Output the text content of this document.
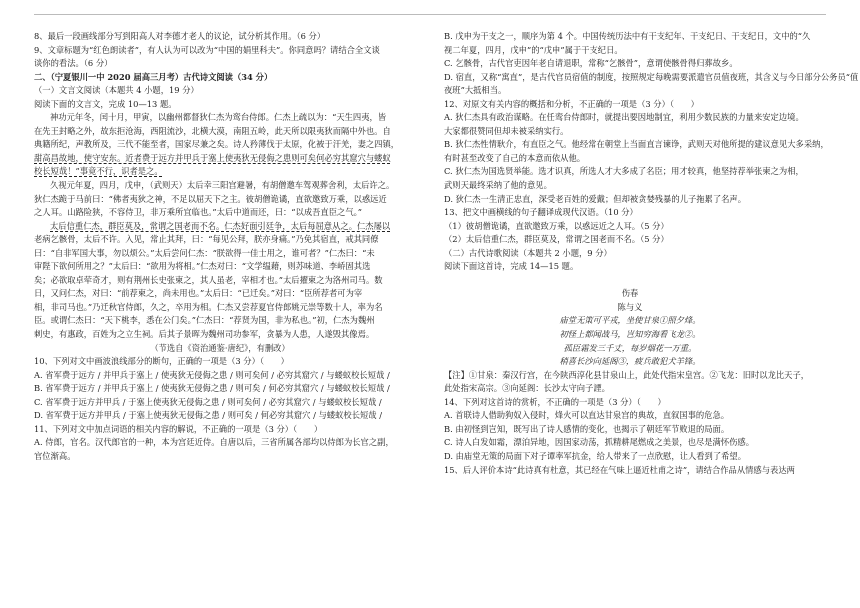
8、最后一段画线部分写到阳高人对李德才老人的议论，试分析其作用。（6 分）
9、文章标题为“红色朗读者”，有人认为可以改为“中国的娟里科夫”。你同意吗？请结合全文谈
谈你的看法。（6 分）
二、（宁夏银川一中 2020 届高三月考）古代诗文阅读（34 分）
（一）文言文阅读（本题共 4 小题，19 分）
阅读下面的文言文，完成 10—13 题。
神功元年冬，闰十月，甲寅，以幽州都督狄仁杰为鸾台侍郎。仁杰上疏以为：“天生四夷，皆
在先王封略之外，故东拒沧海，西阻流沙，北横大漠，南阻五岭，此天所以限夷狄而隔中外也。自
典籍所纪，声教所及，三代不能至者，国家尽兼之矣。诗人矜薄伐于太原，化被于汗羌，妻之四镇，
甜高昌故地，使守安东。近者费于远方并甲兵于塞上使夷狄无侵侮之患则可矣何必穷其窟穴与蝼蚁
校长短哉！”事竟不行，识者是之。
久视元年夏，四月，戊申，（武则天）太后幸三阳宫避暑，有胡僧邀车驾观葬舍利，太后许之。
狄仁杰跪于马前曰：“佛者夷狄之神，不足以屈天下之主。彼胡僧诡谲，直欲邀致万乘，以惑远近
之人耳。山路险狭，不容侍卫，非万乘所宜临也。”太后中道而还，曰：“以成吾直臣之气。”
太后信重仁杰，群臣莫及，常谓之国老而不名。仁杰好面引廷争，太后每屈意从之。仁杰屡以
老病乞骸骨，太后不许。入见，常止其拜，曰：“每见公拜，朕亦身痛。”乃免其宿直，戒其同僚
曰：“自非军国大事，勿以烦公。”太后尝问仁杰：“朕欲得一佳士用之，谁可者？”仁杰曰：“未
审陛下欲何所用之？”太后曰：“欲用为将相。”仁杰对曰：“文学缊藉，则苏味道、李峤固其选
矣；必欲取卓荦奇才，则有荆州长史张柬之，其人虽老，宰相才也。”太后擢柬之为洛州司马。数
日，又问仁杰，对曰：“前荐柬之，尚未用也。”太后曰：“已迁矣。”对曰：“臣所荐者可为宰
相，非司马也。”乃迁秋官侍郎，久之，卒用为相。仁杰又尝荐夏官侍郎姚元崇等数十人，率为名
臣。或谓仁杰曰：“天下桃李，悉在公门矣。”仁杰曰：“荐贤为国，非为私也。”初，仁杰为魏州
刺史，有惠政，百姓为之立生祠。后其子景晖为魏州司功参军，贪暴为人患，人遂毁其像焉。
（节选自《资治通鉴·唐纪》，有删改）
10、下列对文中画波浪线部分的断句，正确的一项是（3 分）（　　）
A. 省军费于远方 / 并甲兵于塞上 / 使夷狄无侵侮之患 / 则可矣何 / 必穷其窟穴 / 与蝼蚁校长短哉 /
B. 省军费于远方 / 并甲兵于塞上 / 使夷狄无侵侮之患 / 则可矣 / 何必穷其窟穴 / 与蝼蚁校长短哉 /
C. 省军费于远方并甲兵 / 于塞上使夷狄无侵侮之患 / 则可矣何 / 必穷其窟穴 / 与蝼蚁校长短哉 /
D. 省军费于远方并甲兵 / 于塞上使夷狄无侵侮之患 / 则可矣 / 何必穷其窟穴 / 与蝼蚁校长短哉 /
11、下列对文中加点词语的相关内容的解说，不正确的一项是（3 分）（　　）
A. 侍郎，官名。汉代郎官的一种，本为宫廷近侍。自唐以后，三省所属各部均以侍郎为长官之副，
官位渐高。
B. 戊申为干支之一，顺序为第 4 个。中国传统历法中有干支纪年、干支纪日、干支纪日，文中的“久
视二年夏，四月，戊申”的“戊申”属于干支纪日。
C. 乞骸骨，古代官吏因年老自请退职，常称“乞骸骨”，意谓使骸骨得归葬故乡。
D. 宿直，又称“寓直”，是古代官员宿值的制度，按照规定每晚需要派遣官员值夜班，其含义与今日部分公务员“值
夜班”大抵相当。
12、对原文有关内容的概括和分析，不正确的一项是（3 分）（　　）
A. 狄仁杰具有政治谋略。在任鸾台侍郎时，就提出要因地制宜，利用少数民族的力量来安定边境。
大家都很赞同但却未被采纳实行。
B. 狄仁杰性情耿介，有直臣之气。他经常在朝堂上当面直言谏诤，武则天对他所提的建议意见大多采纳，
有时甚至改变了自己的本意而依从他。
C. 狄仁杰为国选贤举能。选才识真，所选人才大多成了名臣；用才较真，他坚持荐举张柬之为相，
武则天最终采纳了他的意见。
D. 狄仁杰一生清正忠直，深受老百姓的爱戴；但却被贪婪残暴的儿子拖累了名声。
13、把文中画横线的句子翻译成现代汉语。（10 分）
（1）彼胡僧诡谲，直欲邀致万乘，以惑远近之人耳。（5 分）
（2）太后信重仁杰，群臣莫及，常谓之国老而不名。（5 分）
（二）古代诗歌阅读（本题共 2 小题，9 分）
阅读下面这首诗，完成 14—15 题。
伤春
陈与义
庙堂无策可平戎，坐使甘泉①照夕烽。
初怪上都闻战马，岂知穷海看飞龙②。
孤臣霜发三千丈，每岁烟花一万重。
稍喜长沙向延阁③，疲兵敢犯犬羊锋。
【注】①甘泉：秦汉行宫，在今陕西淳化县甘泉山上，此处代指宋皇宫。②飞龙：旧时以龙比天子，
此处指宋高宗。③向延阁：长沙太守向子諲。
14、下列对这首诗的赏析，不正确的一项是（3 分）（　　）
A. 首联诗人借助狗奴入侵时，烽火可以直达甘泉宫的典故，直叙国事的危急。
B. 由初怪到岂知，既写出了诗人感情的变化，也揭示了朝廷军节败退的局面。
C. 诗人白发如霜，漂泊异地，因国家动荡，抓精耕尾燃成之美景，也尽是满怀伤感。
D. 由庙堂无策的局面下对子谭率军抗金，给人带来了一点欣慰，让人看到了希望。
15、后人评价本诗“此诗真有杜意，其已经在气味上逼近杜甫之诗”，请结合作品从情感与表达两
